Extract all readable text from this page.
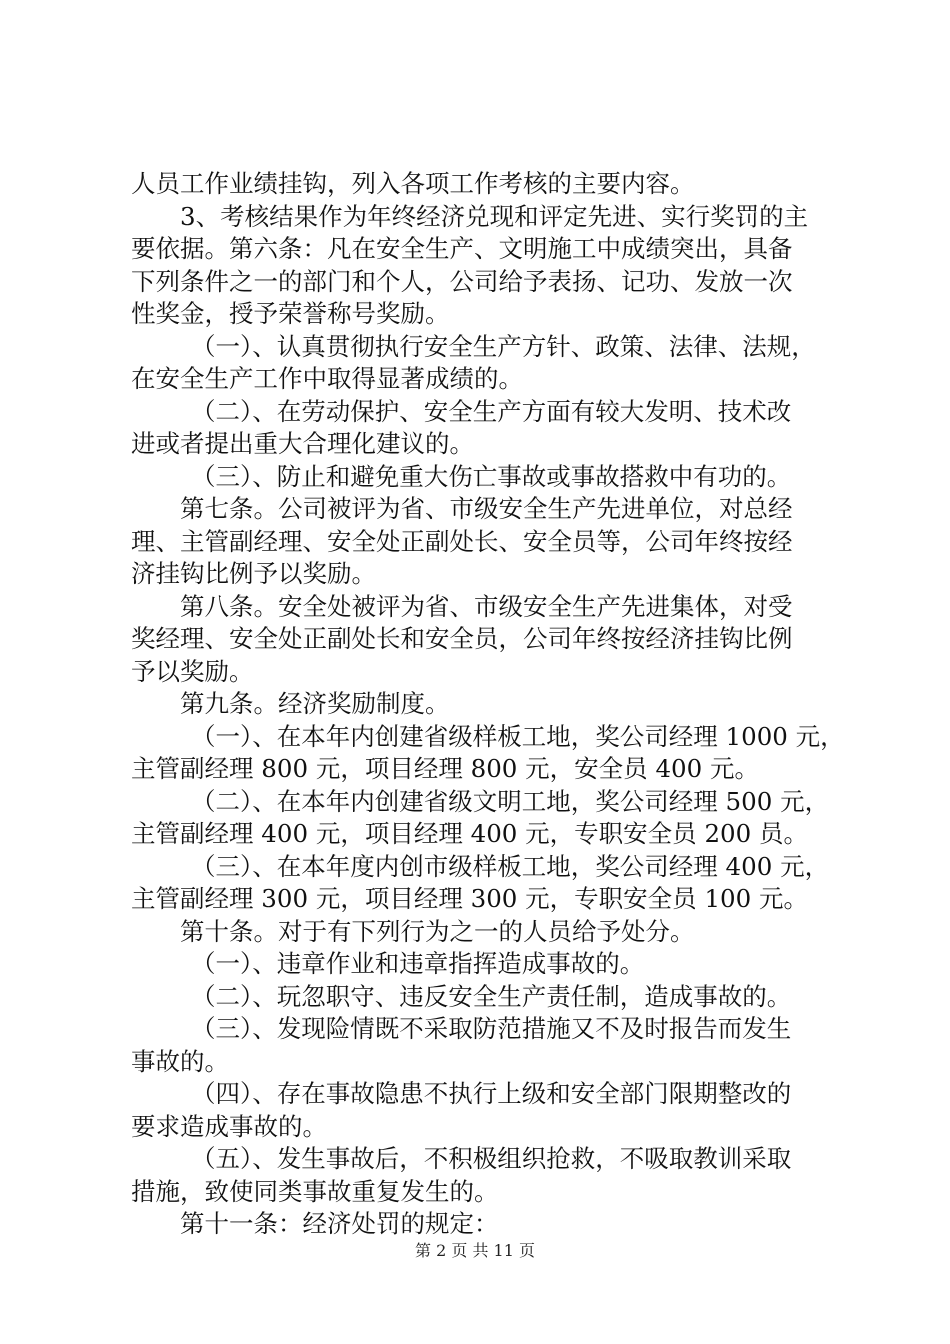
人员工作业绩挂钩，列入各项工作考核的主要内容。
3、考核结果作为年终经济兑现和评定先进、实行奖罚的主
要依据。第六条：凡在安全生产、文明施工中成绩突出，具备
下列条件之一的部门和个人，公司给予表扬、记功、发放一次
性奖金，授予荣誉称号奖励。
（一）、认真贯彻执行安全生产方针、政策、法律、法规，
在安全生产工作中取得显著成绩的。
（二）、在劳动保护、安全生产方面有较大发明、技术改
进或者提出重大合理化建议的。
（三）、防止和避免重大伤亡事故或事故搭救中有功的。
第七条。公司被评为省、市级安全生产先进单位，对总经
理、主管副经理、安全处正副处长、安全员等，公司年终按经
济挂钩比例予以奖励。
第八条。安全处被评为省、市级安全生产先进集体，对受
奖经理、安全处正副处长和安全员，公司年终按经济挂钩比例
予以奖励。
第九条。经济奖励制度。
（一）、在本年内创建省级样板工地，奖公司经理 1000 元，
主管副经理 800 元，项目经理 800 元，安全员 400 元。
（二）、在本年内创建省级文明工地，奖公司经理 500 元，
主管副经理 400 元，项目经理 400 元，专职安全员 200 员。
（三）、在本年度内创市级样板工地，奖公司经理 400 元，
主管副经理 300 元，项目经理 300 元，专职安全员 100 元。
第十条。对于有下列行为之一的人员给予处分。
（一）、违章作业和违章指挥造成事故的。
（二）、玩忽职守、违反安全生产责任制，造成事故的。
（三）、发现险情既不采取防范措施又不及时报告而发生
事故的。
（四）、存在事故隐患不执行上级和安全部门限期整改的
要求造成事故的。
（五）、发生事故后，不积极组织抢救，不吸取教训采取
措施，致使同类事故重复发生的。
第十一条：经济处罚的规定：
第 2 页 共 11 页
